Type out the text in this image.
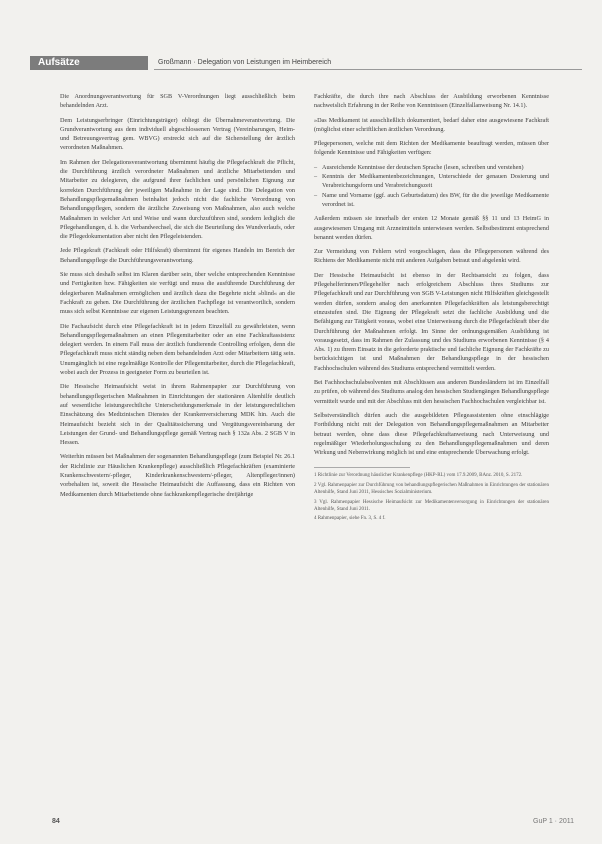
Aufsätze	Großmann · Delegation von Leistungen im Heimbereich

Die Anordnungsverantwortung für SGB V-Verordnungen liegt ausschließlich beim behandelnden Arzt.

Dem Leistungserbringer (Einrichtungsträger) obliegt die Übernahmeverantwortung. Die Grundverantwortung aus dem individuell abgeschlossenen Vertrag (Vereinbarungen, Heim- und Betreuungsvertrag gem. WBVG) erstreckt sich auf die Sicherstellung der ärztlich verordneten Maßnahmen.

Im Rahmen der Delegationsverantwortung übernimmt häufig die Pflegefachkraft die Pflicht, die Durchführung ärztlich verordneter Maßnahmen und ärztliche Mitarbeitenden und Mitarbeiter zu delegieren, die aufgrund ihrer fachlichen und persönlichen Eignung zur korrekten Durchführung der jeweiligen Maßnahme in der Lage sind. Die Delegation von Behandlungspflegemaßnahmen beinhaltet jedoch nicht die fachliche Verordnung von Behandlungspflegen, sondern die ärztliche Zuweisung von Maßnahmen, also auch welche Maßnahmen in welcher Art und Weise und wann durchzuführen sind, sondern lediglich die Pflegehandlungen, d. h. die Verbandwechsel, die sich die Beurteilung des Wundverlaufs, oder die Pflegedokumentation aber nicht den Pflegeleistenden.

Jede Pflegekraft (Fachkraft oder Hilfskraft) übernimmt für eigenes Handeln im Bereich der Behandlungspflege die Durchführungsverantwortung.

Sie muss sich deshalb selbst im Klaren darüber sein, über welche entsprechenden Kenntnisse und Fertigkeiten bzw. Fähigkeiten sie verfügt und muss die ausführende Durchführung der delegierbaren Maßnahmen ermöglichen und ärztlich dazu die Begehrte nicht »blind« an die Fachkraft zu gehen. Die Durchführung der ärztlichen Fachpflege ist verantwortlich, sondern muss sich selbst Kenntnisse zur eigenen Leistungsgrenzen beachten.

Die Fachaufsicht durch eine Pflegefachkraft ist in jedem Einzelfall zu gewährleisten, wenn Behandlungspflegemaßnahmen an einen Pflegemitarbeiter oder an eine Fachkraftassistenz delegiert werden. In einem Fall muss der ärztlich fundierende Controlling erfolgen, denn die Pflegefachkraft muss nicht ständig neben dem behandelnden Arzt oder Mitarbeitern tätig sein. Unumgänglich ist eine regelmäßige Kontrolle der Pflegemitarbeiter, durch die Pflegefachkraft, wobei auch der Prozess in geeigneter Form zu beurteilen ist.

Die Hessische Heimaufsicht weist in ihrem Rahmenpapier zur Durchführung von behandlungspflegerischen Maßnahmen in Einrichtungen der stationären Altenhilfe deutlich auf wesentliche leistungsrechtliche Unterscheidungsmerkmale in der leistungsrechtlichen Einschätzung des Medizinischen Dienstes der Krankenversicherung MDK hin. Auch die Heimaufsicht bezieht sich in der Qualitätssicherung und Vergütungsvereinbarung der Leistungen der Grund- und Behandlungspflege gemäß Vertrag nach § 132a Abs. 2 SGB V in Hessen.

Weiterhin müssen bei Maßnahmen der sogenannten Behandlungspflege (zum Beispiel Nr. 26.1 der Richtlinie zur Häuslichen Krankenpflege) ausschließlich Pflegefachkräften (examinierte Krankenschwestern/-pfleger, Kinderkrankenschwestern/-pfleger, Altenpfleger/innen) vorbehalten ist, soweit die Hessische Heimaufsicht die Auffassung, dass ein Richten von Medikamenten durch Mitarbeitende ohne fachkrankenpflegerische dreijährige

Fachkräfte, die durch ihre nach Abschluss der Ausbildung erworbenen Kenntnisse nachweislich Erfahrung in der Reihe von Kenntnissen (Einzelfallanweisung Nr. 14.1).

»Das Medikament ist ausschließlich dokumentiert, bedarf daher eine ausgewiesene Fachkraft (möglichst einer schriftlichen ärztlichen Verordnung.

Pflegepersonen, welche mit dem Richten der Medikamente beauftragt werden, müssen über folgende Kenntnisse und Fähigkeiten verfügen:

– Ausreichende Kenntnisse der deutschen Sprache (lesen, schreiben und verstehen)
– Kenntnis der Medikamentenbezeichnungen, Unterschiede der genauen Dosierung und Verabreichungsform und Verabreichungszeit
– Name und Vorname (ggf. auch Geburtsdatum) des BW, für die die jeweilige Medikamente verordnet ist.

Außerdem müssen sie innerhalb der ersten 12 Monate gemäß §§ 11 und 13 HeimG in ausgewiesenen Umgang mit Arzneimitteln unterwiesen werden. Selbstbestimmt entsprechend benannt werden dürfen.

Zur Vermeidung von Fehlern wird vorgeschlagen, dass die Pflegepersonen während des Richtens der Medikamente nicht mit anderen Aufgaben betraut und abgelenkt wird.

Der Hessische Heimaufsicht ist ebenso in der Rechtsansicht zu folgen, dass Pflegehelferinnen/Pflegehelfer nach erfolgreichem Abschluss ihres Studiums zur Pflegefachkraft und zur Durchführung von SGB V-Leistungen nicht Hilfskräften gleichgestellt werden dürfen, sondern analog den anerkannten Pflegefachkräften als leistungsberechtigt einzustufen sind. Die Eignung der Pflegekraft setzt die fachliche Ausbildung und die Befähigung zur Tätigkeit voraus, wobei eine Unterweisung durch die Pflegefachkraft über die Durchführung der Maßnahmen erfolgt. Im Sinne der ordnungsgemäßen Ausbildung ist vorausgesetzt, dass im Rahmen der Zulassung und des Studiums erworbenen Kenntnisse (§ 4 Abs. 1) zu ihrem Einsatz in die geforderte praktische und fachliche Eignung der Fachkräfte zu berücksichtigen ist und Maßnahmen der Behandlungspflege in der hessischen Fachhochschulen während des Studiums entsprechend vermittelt werden.

Bei Fachhochschulabsolventen mit Abschlüssen aus anderen Bundesländern ist im Einzelfall zu prüfen, ob während des Studiums analog den hessischen Studiengängen Behandlungspflege vermittelt wurde und mit der Abschluss mit den hessischen Fachhochschulen vergleichbar ist.

Selbstverständlich dürfen auch die ausgebildeten Pflegeassistenten ohne einschlägige Fortbildung nicht mit der Delegation von Behandlungspflegemaßnahmen an Mitarbeiter betraut werden, ohne dass diese Pflegefachkraftanweisung nach Unterweisung und regelmäßiger Wiederholungsschulung zu den Behandlungspflegemaßnahmen und deren Wirkung und Nebenwirkung möglich ist und eine entsprechende Überwachung erfolgt.

1 Richtlinie zur Verordnung häuslicher Krankenpflege (HKP-RL) vom 17.9.2009, BAnz. 2010, S. 2172.

2 Vgl. Rahmenpapier zur Durchführung von behandlungspflegerischen Maßnahmen in Einrichtungen der stationären Altenhilfe, Stand Juni 2011, Hessisches Sozialministerium.

3 Vgl. Rahmenpapier Hessische Heimaufsicht zur Medikamentenversorgung in Einrichtungen der stationären Altenhilfe, Stand Juni 2011.

4 Rahmenpapier, siehe Fn. 3, S. 4 f.

84	GuP 1 · 2011
